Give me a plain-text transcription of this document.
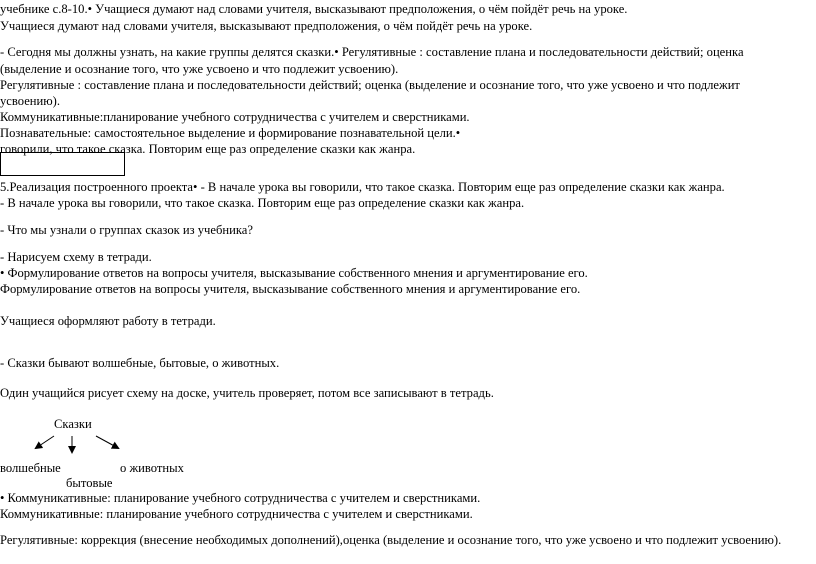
учебнике с.8-10.• Учащиеся думают над словами учителя, высказывают предположения, о чём пойдёт речь на уроке.

Учащиеся думают над словами учителя, высказывают предположения, о чём пойдёт речь на уроке.

- Сегодня мы должны узнать, на какие группы делятся сказки.• Регулятивные : составление плана и последовательности действий; оценка

(выделение и осознание того, что уже усвоено и что подлежит усвоению).

Регулятивные : составление плана и последовательности действий; оценка (выделение и осознание того, что уже усвоено и что подлежит

усвоению).

Коммуникативные:планирование учебного сотрудничества с учителем и сверстниками.

Познавательные: самостоятельное выделение и формирование познавательной цели.•

говорили, что такое сказка. Повторим еще раз определение сказки как жанра.

5.Реализация построенного проекта• - В начале урока вы говорили, что такое сказка. Повторим еще раз определение сказки как жанра.

- В начале урока вы говорили, что такое сказка. Повторим еще раз определение сказки как жанра.

- Что мы узнали о группах сказок из учебника?

- Нарисуем схему в тетради.

• Формулирование ответов на вопросы учителя, высказывание собственного мнения и аргументирование его.

Формулирование ответов на вопросы учителя, высказывание собственного мнения и аргументирование его.

Учащиеся оформляют работу в тетради.

- Сказки бывают волшебные, бытовые, о животных.

Один учащийся рисует схему на доске, учитель проверяет, потом все записывают в тетрадь.

Сказки

волшебные	о животных

бытовые

• Коммуникативные: планирование учебного сотрудничества с учителем и сверстниками.

Коммуникативные: планирование учебного сотрудничества с учителем и сверстниками.

Регулятивные: коррекция (внесение необходимых дополнений),оценка (выделение и осознание того, что уже усвоено и что подлежит усвоению).
